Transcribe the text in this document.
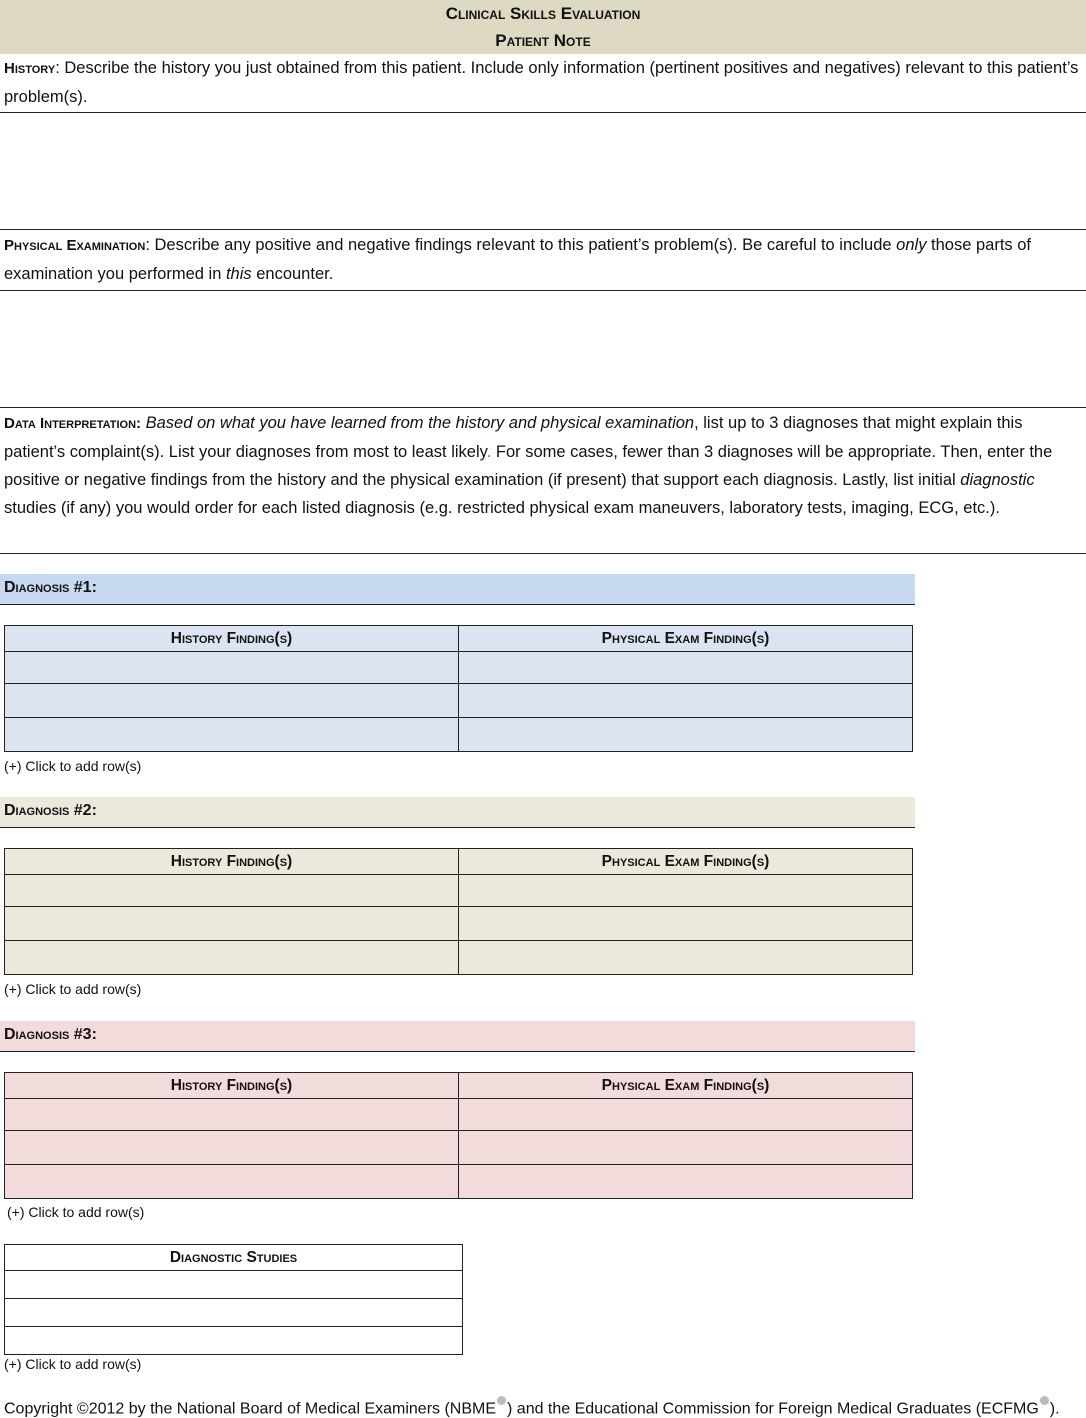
Clinical Skills Evaluation
Patient Note
History: Describe the history you just obtained from this patient. Include only information (pertinent positives and negatives) relevant to this patient’s problem(s).
Physical Examination: Describe any positive and negative findings relevant to this patient’s problem(s). Be careful to include only those parts of examination you performed in this encounter.
Data Interpretation: Based on what you have learned from the history and physical examination, list up to 3 diagnoses that might explain this patient’s complaint(s). List your diagnoses from most to least likely. For some cases, fewer than 3 diagnoses will be appropriate. Then, enter the positive or negative findings from the history and the physical examination (if present) that support each diagnosis. Lastly, list initial diagnostic studies (if any) you would order for each listed diagnosis (e.g. restricted physical exam maneuvers, laboratory tests, imaging, ECG, etc.).
Diagnosis #1:
History Finding(s)	Physical Exam Finding(s)

(+) Click to add row(s)
Diagnosis #2:
History Finding(s)	Physical Exam Finding(s)

(+) Click to add row(s)
Diagnosis #3:
History Finding(s)	Physical Exam Finding(s)

(+) Click to add row(s)
Diagnostic Studies

(+) Click to add row(s)
Copyright ©2012 by the National Board of Medical Examiners (NBME ) and the Educational Commission for Foreign Medical Graduates (ECFMG ).
